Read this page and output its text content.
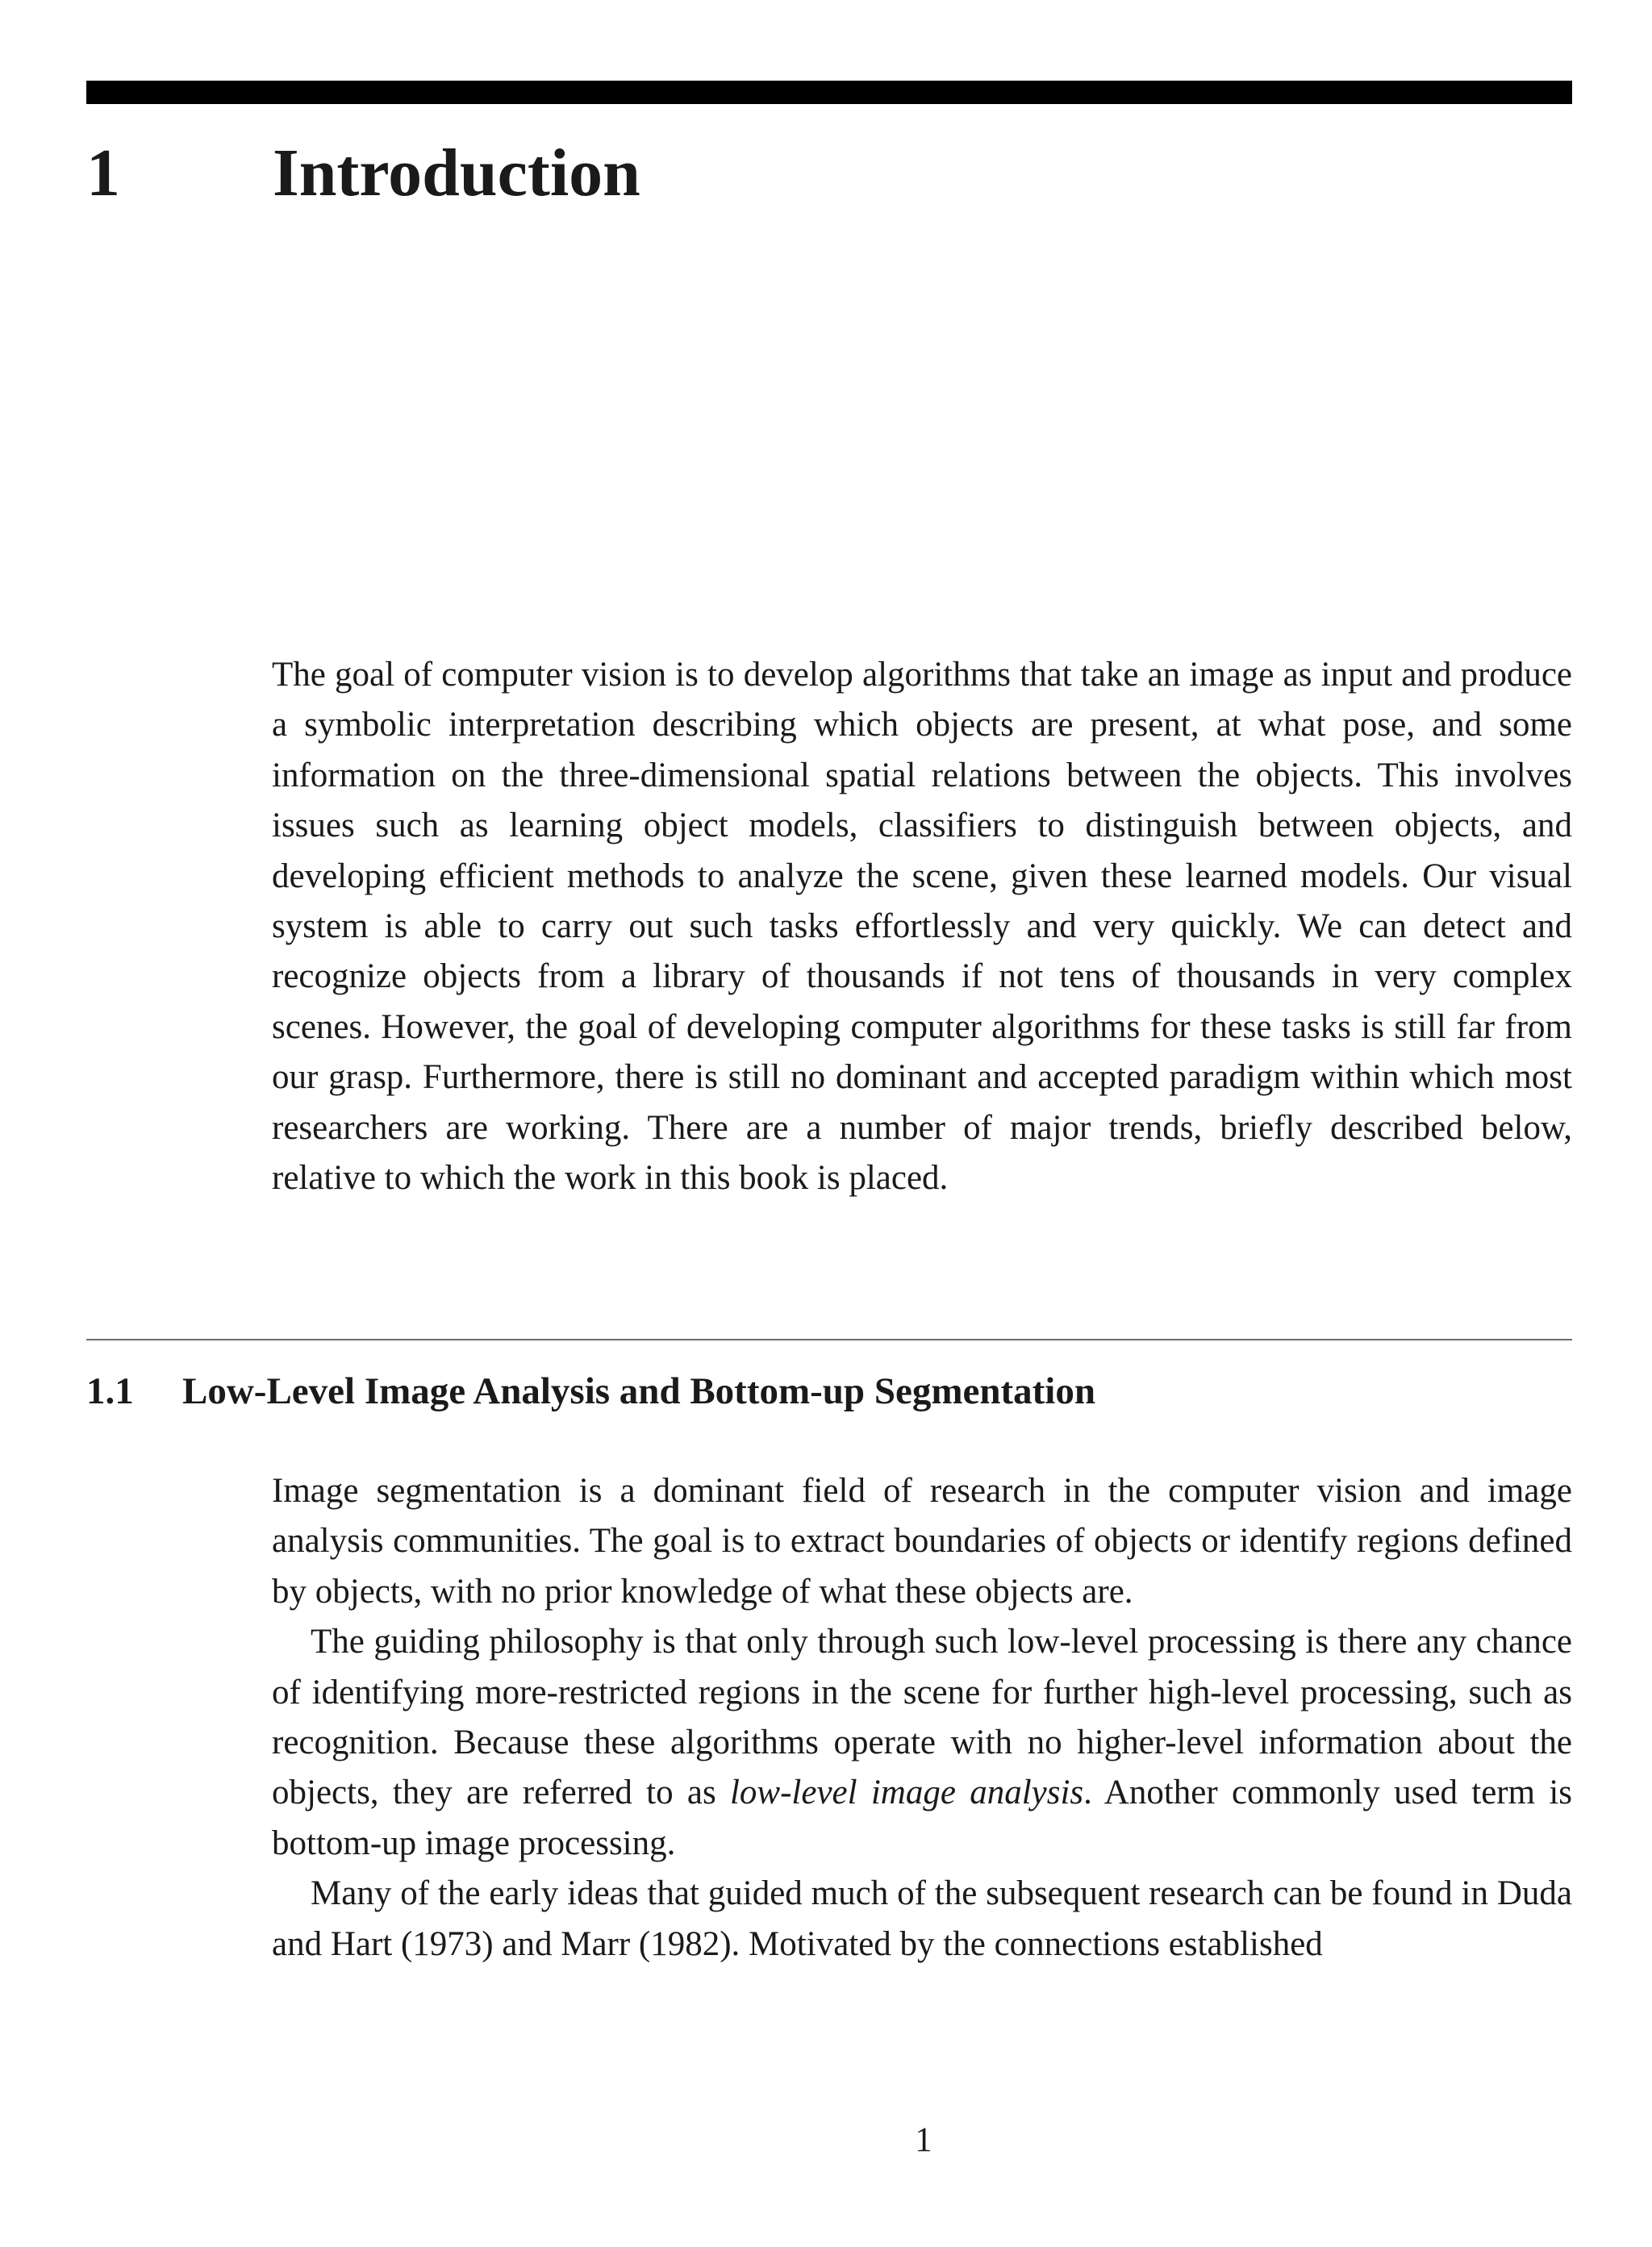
1 Introduction

The goal of computer vision is to develop algorithms that take an image as input and produce a symbolic interpretation describing which objects are present, at what pose, and some information on the three-dimensional spatial relations between the objects. This involves issues such as learning object models, classifiers to distinguish between objects, and developing efficient methods to analyze the scene, given these learned models. Our visual system is able to carry out such tasks effortlessly and very quickly. We can detect and recognize objects from a library of thousands if not tens of thousands in very complex scenes. However, the goal of developing computer algorithms for these tasks is still far from our grasp. Furthermore, there is still no dominant and accepted paradigm within which most researchers are working. There are a number of major trends, briefly described below, relative to which the work in this book is placed.

1.1 Low-Level Image Analysis and Bottom-up Segmentation

Image segmentation is a dominant field of research in the computer vision and image analysis communities. The goal is to extract boundaries of objects or identify regions defined by objects, with no prior knowledge of what these objects are.

The guiding philosophy is that only through such low-level processing is there any chance of identifying more-restricted regions in the scene for further high-level processing, such as recognition. Because these algorithms operate with no higher-level information about the objects, they are referred to as low-level image analysis. Another commonly used term is bottom-up image processing.

Many of the early ideas that guided much of the subsequent research can be found in Duda and Hart (1973) and Marr (1982). Motivated by the connections established

1
